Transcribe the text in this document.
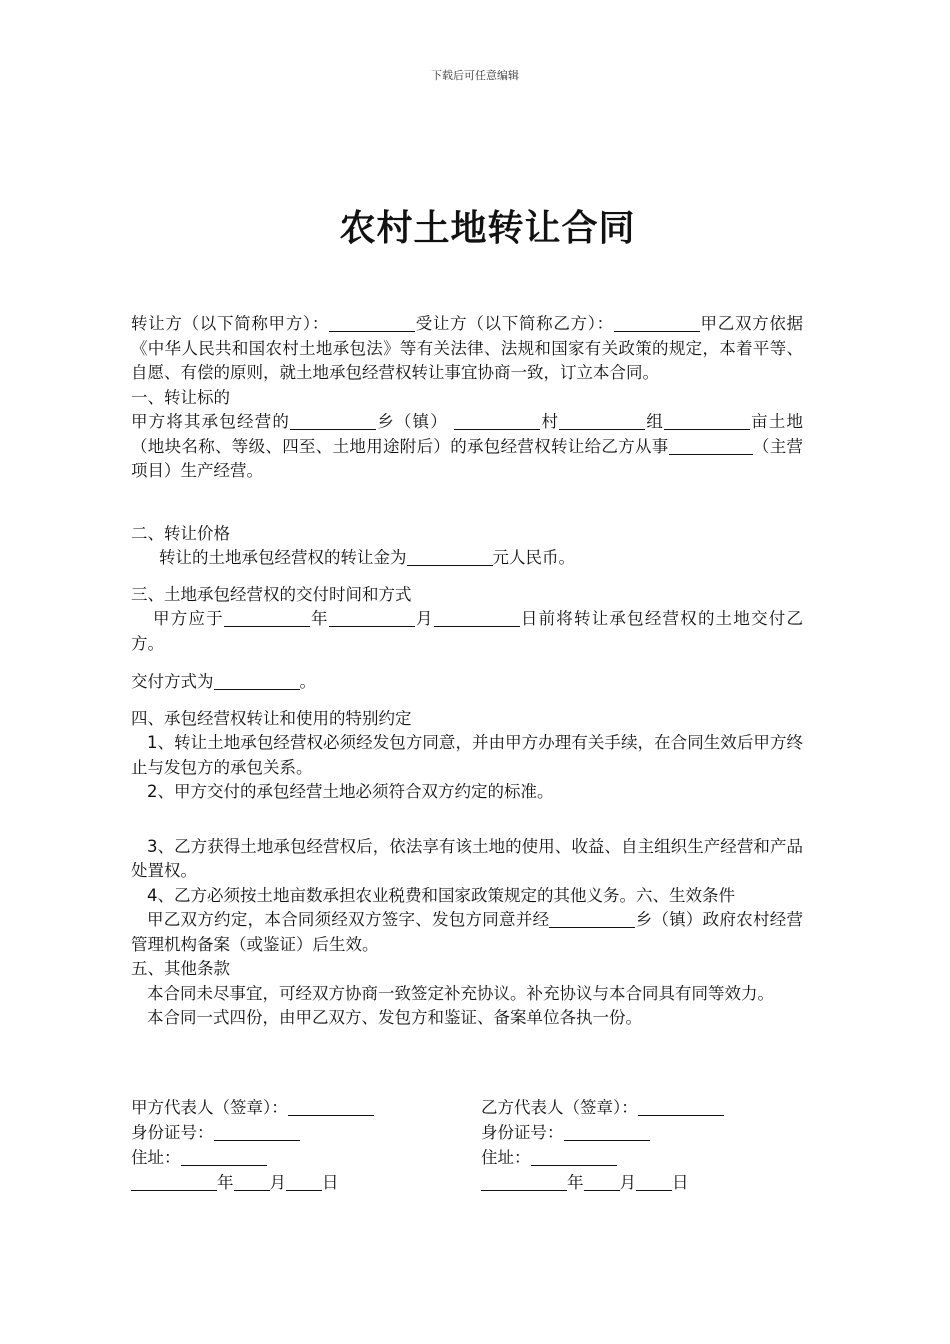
下载后可任意编辑
农村土地转让合同

转让方（以下简称甲方）：	受让方（以下简称乙方）：	甲乙双方依据《中华人民共和国农村土地承包法》等有关法律、法规和国家有关政策的规定，本着平等、自愿、有偿的原则，就土地承包经营权转让事宜协商一致，订立本合同。

一、转让标的

甲方将其承包经营的	乡（镇）	村	组	亩土地（地块名称、等级、四至、土地用途附后）的承包经营权转让给乙方从事	（主营项目）生产经营。

二、转让价格

转让的土地承包经营权的转让金为	元人民币。

三、土地承包经营权的交付时间和方式

甲方应于	年	月	日前将转让承包经营权的土地交付乙方。

交付方式为	。

四、承包经营权转让和使用的特别约定

1、转让土地承包经营权必须经发包方同意，并由甲方办理有关手续，在合同生效后甲方终止与发包方的承包关系。

2、甲方交付的承包经营土地必须符合双方约定的标准。

3、乙方获得土地承包经营权后，依法享有该土地的使用、收益、自主组织生产经营和产品处置权。

4、乙方必须按土地亩数承担农业税费和国家政策规定的其他义务。六、生效条件

甲乙双方约定，本合同须经双方签字、发包方同意并经	乡（镇）政府农村经营管理机构备案（或鉴证）后生效。

五、其他条款

本合同未尽事宜，可经双方协商一致签定补充协议。补充协议与本合同具有同等效力。

本合同一式四份，由甲乙双方、发包方和鉴证、备案单位各执一份。

甲方代表人（签章）：	乙方代表人（签章）：
身份证号：	身份证号：
住址：	住址：
年 月 日	年 月 日
